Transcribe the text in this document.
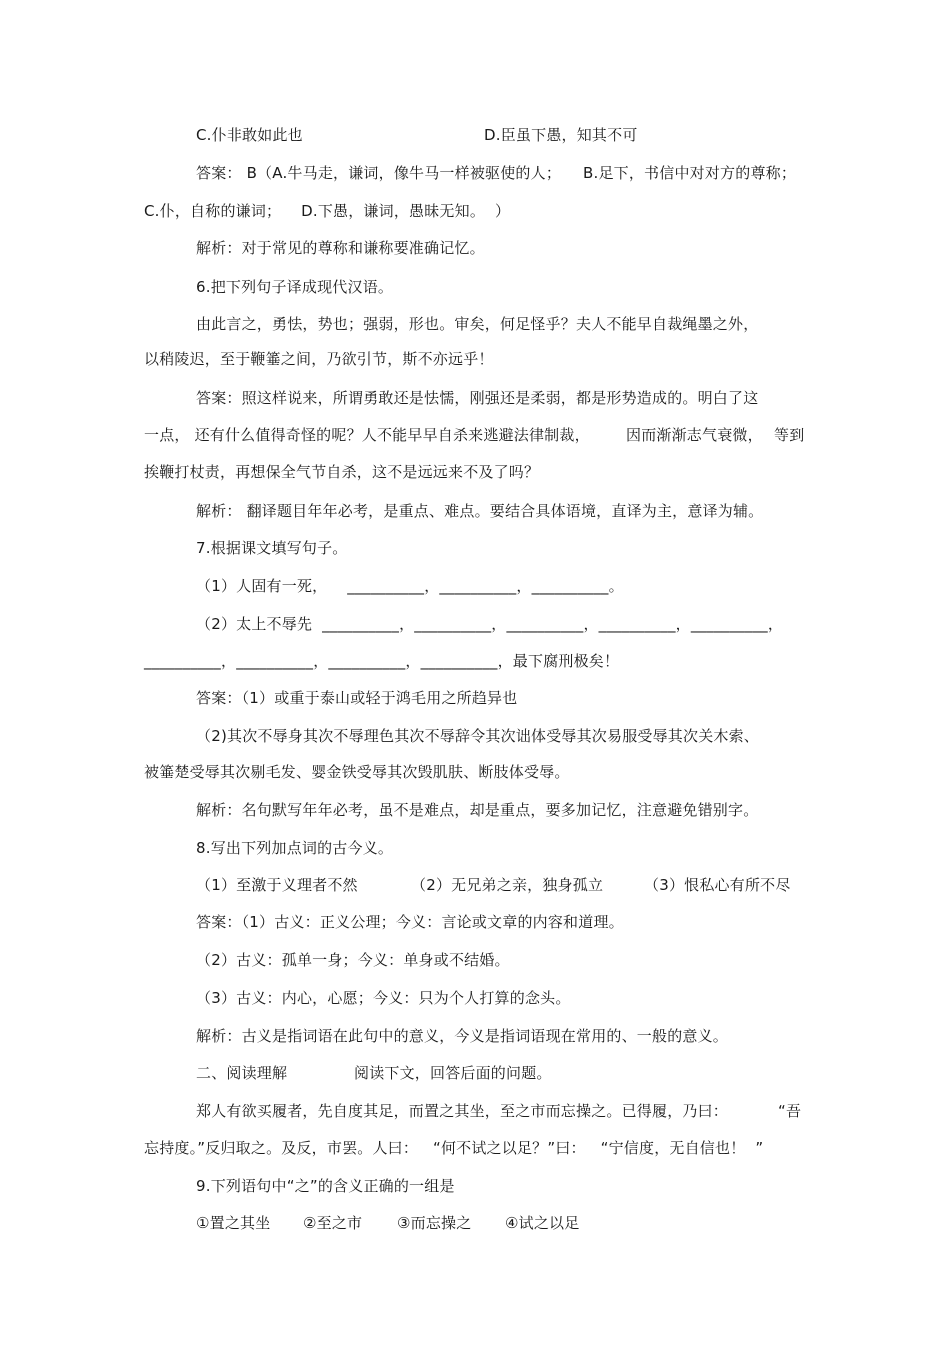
C.仆非敢如此也	D.臣虽下愚，知其不可
答案： B（A.牛马走，谦词，像牛马一样被驱使的人； B.足下，书信中对对方的尊称；
C.仆，自称的谦词；    D.下愚，谦词，愚昧无知。  ）
解析：对于常见的尊称和谦称要准确记忆。
6.把下列句子译成现代汉语。
由此言之，勇怯，势也；强弱，形也。审矣，何足怪乎？夫人不能早自裁绳墨之外，
以稍陵迟，至于鞭箠之间，乃欲引节，斯不亦远乎！
答案：照这样说来，所谓勇敢还是怯懦，刚强还是柔弱，都是形势造成的。明白了这
一点， 还有什么值得奇怪的呢？人不能早早自杀来逃避法律制裁， 因而渐渐志气衰微， 等到
挨鞭打杖责，再想保全气节自杀，这不是远远来不及了吗？
解析： 翻译题目年年必考，是重点、难点。要结合具体语境，直译为主，意译为辅。
7.根据课文填写句子。
（1）人固有一死，    __________，__________，__________。
（2）太上不辱先  __________，__________，__________，__________，__________，
__________，__________，__________，__________，最下腐刑极矣！
答案：（1）或重于泰山或轻于鸿毛用之所趋异也
（2)其次不辱身其次不辱理色其次不辱辞令其次诎体受辱其次易服受辱其次关木索、
被箠楚受辱其次剔毛发、婴金铁受辱其次毁肌肤、断肢体受辱。
解析：名句默写年年必考，虽不是难点，却是重点，要多加记忆，注意避免错别字。
8.写出下列加点词的古今义。
（1）至激于义理者不然	（2）无兄弟之亲，独身孤立	（3）恨私心有所不尽
答案：（1）古义：正义公理；今义：言论或文章的内容和道理。
（2）古义：孤单一身；今义：单身或不结婚。
（3）古义：内心，心愿；今义：只为个人打算的念头。
解析：古义是指词语在此句中的意义，今义是指词语现在常用的、一般的意义。
二、阅读理解	阅读下文，回答后面的问题。
郑人有欲买履者，先自度其足，而置之其坐，至之市而忘操之。已得履，乃曰：	“吾
忘持度。”反归取之。及反，市罢。人曰：   “何不试之以足？”曰：   “宁信度，无自信也！  ”
9.下列语句中“之”的含义正确的一组是
①置之其坐 ②至之市 ③而忘操之 ④试之以足
